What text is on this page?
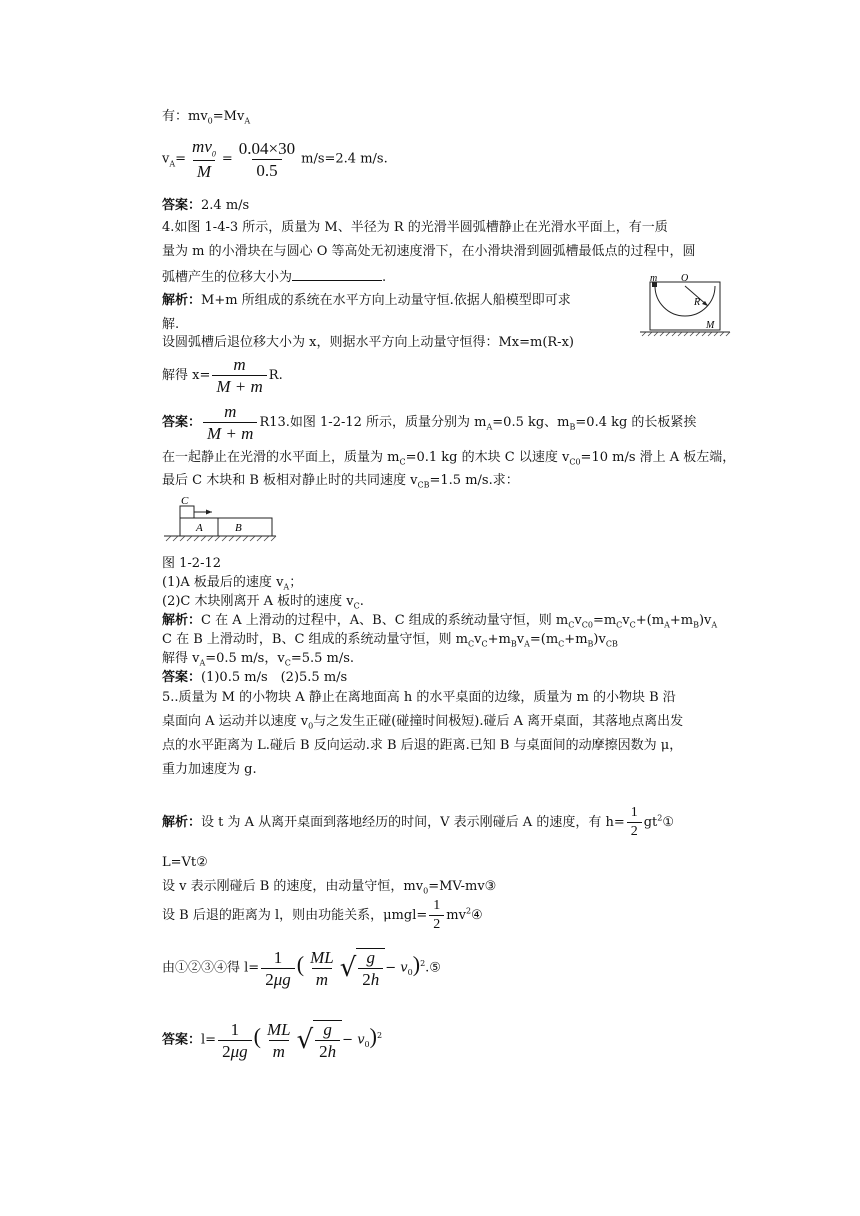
有：$mv_0=Mv_A$
$v_A= \frac{mv_0}{M} = \frac{0.04\times 30}{0.5} m/s=2.4$ m/s.
答案：2.4 m/s
4.如图 1-4-3 所示，质量为 M、半径为 R 的光滑半圆弧槽静止在光滑水平面上，有一质
量为 m 的小滑块在与圆心 O 等高处无初速度滑下，在小滑块滑到圆弧槽最低点的过程中，圆
弧槽产生的位移大小为	.	m O
R
M
解析：M+m 所组成的系统在水平方向上动量守恒.依据人船模型即可求
解.
设圆弧槽后退位移大小为 x，则据水平方向上动量守恒得：Mx=m(R-x)
解得 $x= \frac{m}{M + m} R$.
答案： $\frac{m}{M + m} R13$.如图 1-2-12 所示，质量分别为 $m_A=0.5$ kg、$m_B=0.4$ kg 的长板紧挨
在一起静止在光滑的水平面上，质量为 $m_C=0.1$ kg 的木块 C 以速度 $v_{C0}=10$ m/s 滑上 A 板左端，
最后 C 木块和 B 板相对静止时的共同速度 $v_{CB}=1.5$ m/s.求：
C
A	B
图 1-2-12
(1)A 板最后的速度 $v_A$；
(2)C 木块刚离开 A 板时的速度 $v_C$.
解析：C 在 A 上滑动的过程中，A、B、C 组成的系统动量守恒，则 $m_Cv_{C0}=m_Cv_C+(m_A+m_B)v_A$
C 在 B 上滑动时，B、C 组成的系统动量守恒，则 $m_Cv_C+m_Bv_A=(m_C+m_B)v_{CB}$
解得 $v_A=0.5$ m/s，$v_C=5.5$ m/s.
答案：(1)0.5 m/s　(2)5.5 m/s
5..质量为 M 的小物块 A 静止在离地面高 h 的水平桌面的边缘，质量为 m 的小物块 B 沿
桌面向 A 运动并以速度 $v_0$与之发生正碰(碰撞时间极短).碰后 A 离开桌面，其落地点离出发
点的水平距离为 L.碰后 B 反向运动.求 B 后退的距离.已知 B 与桌面间的动摩擦因数为 μ，
重力加速度为 g.
解析：设 t 为 A 从离开桌面到落地经历的时间，V 表示刚碰后 A 的速度，有 $h= \frac{1}{2}$ $gt^2①$
L=Vt②
设 v 表示刚碰后 B 的速度，由动量守恒，$mv_0=MV$-mv③
设 B 后退的距离为 l，则由功能关系，$\mu mgl= \frac{1}{2}$ $mv^2④$
由①②③④得 $l= \frac{1}{2\mu g}$ ( $\frac{ML}{m}$ √ g
2h
− $v_0)^2.⑤$
答案：$l= \frac{1}{2\mu g}$ ( $\frac{ML}{m}$ √ g
2h
− $v_0)^2$
